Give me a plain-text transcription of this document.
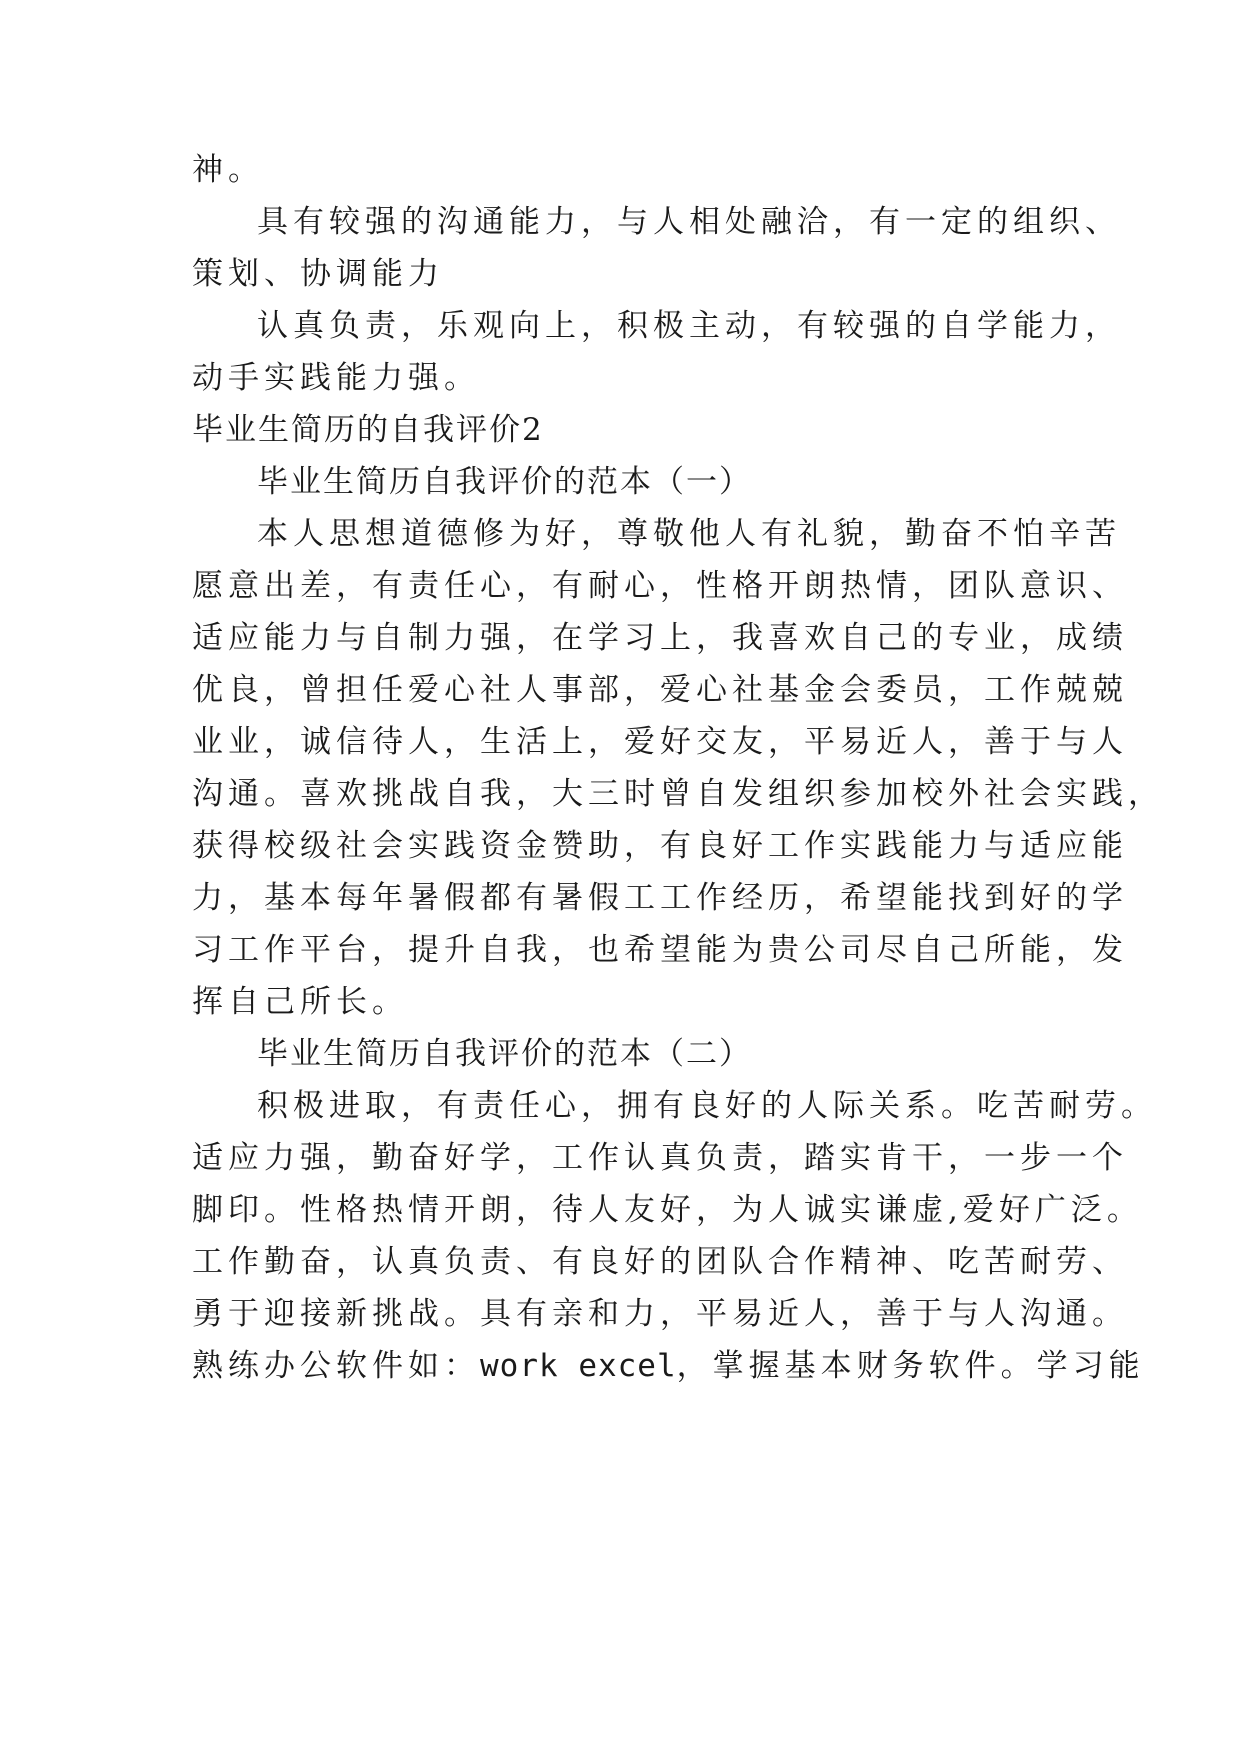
神。
具有较强的沟通能力，与人相处融洽，有一定的组织、
策划、协调能力
认真负责，乐观向上，积极主动，有较强的自学能力，
动手实践能力强。
毕业生简历的自我评价2
毕业生简历自我评价的范本（一）
本人思想道德修为好，尊敬他人有礼貌，勤奋不怕辛苦
愿意出差，有责任心，有耐心，性格开朗热情，团队意识、
适应能力与自制力强，在学习上，我喜欢自己的专业，成绩
优良，曾担任爱心社人事部，爱心社基金会委员，工作兢兢
业业，诚信待人，生活上，爱好交友，平易近人，善于与人
沟通。喜欢挑战自我，大三时曾自发组织参加校外社会实践，
获得校级社会实践资金赞助，有良好工作实践能力与适应能
力，基本每年暑假都有暑假工工作经历，希望能找到好的学
习工作平台，提升自我，也希望能为贵公司尽自己所能，发
挥自己所长。
毕业生简历自我评价的范本（二）
积极进取，有责任心，拥有良好的人际关系。吃苦耐劳。
适应力强，勤奋好学，工作认真负责，踏实肯干，一步一个
脚印。性格热情开朗，待人友好，为人诚实谦虚,爱好广泛。
工作勤奋，认真负责、有良好的团队合作精神、吃苦耐劳、
勇于迎接新挑战。具有亲和力，平易近人，善于与人沟通。
熟练办公软件如：work excel，掌握基本财务软件。学习能
